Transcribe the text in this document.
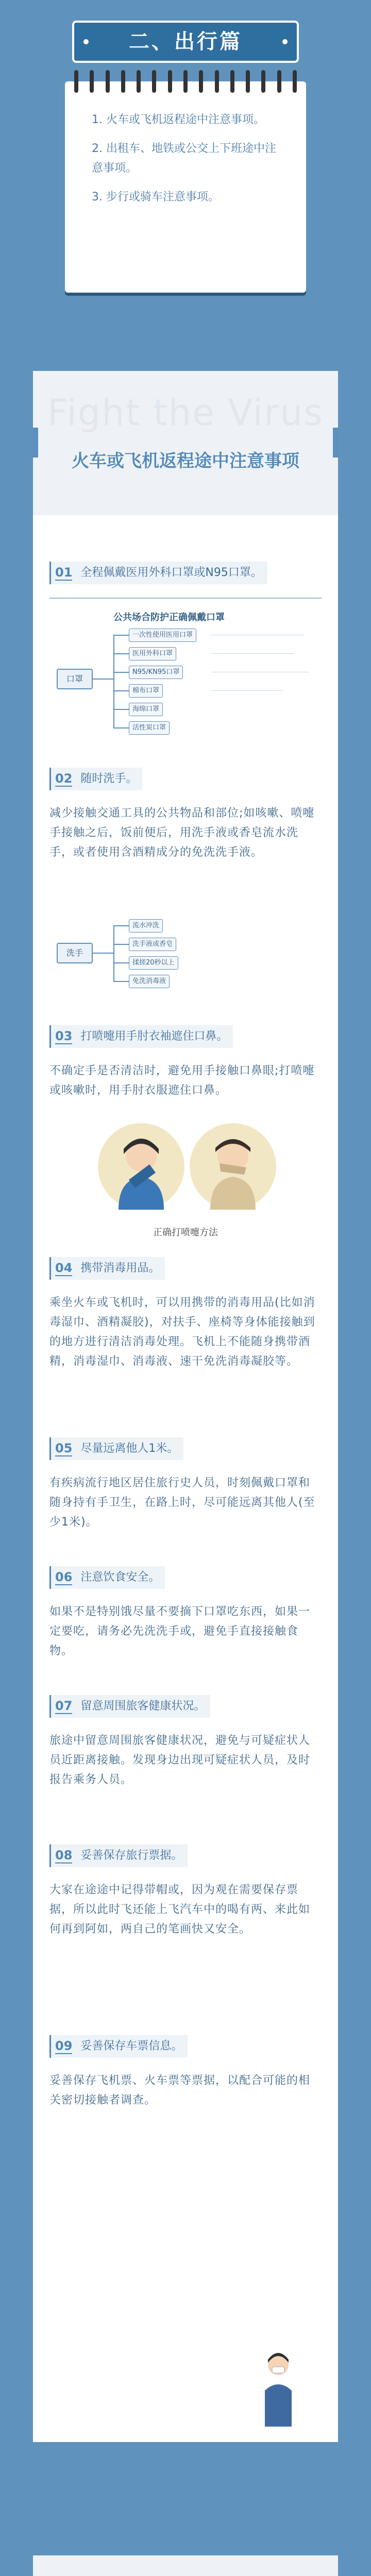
二、出行篇
1. 火车或飞机返程途中注意事项。
2. 出租车、地铁或公交上下班途中注意事项。
3. 步行或骑车注意事项。
Fight the Virus
火车或飞机返程途中注意事项
01 全程佩戴医用外科口罩或N95口罩。
公共场合防护正确佩戴口罩
口罩
一次性使用医用口罩
医用外科口罩
N95/KN95口罩
棉布口罩
海绵口罩
活性炭口罩
02 随时洗手。
减少接触交通工具的公共物品和部位;如咳嗽、喷嚏手接触之后，饭前便后，用洗手液或香皂流水洗手，或者使用含酒精成分的免洗洗手液。
洗手
流水冲洗
洗手液或香皂
揉搓20秒以上
免洗消毒液
03 打喷嚏用手肘衣袖遮住口鼻。
不确定手是否清洁时，避免用手接触口鼻眼;打喷嚏或咳嗽时，用手肘衣服遮住口鼻。
正确打喷嚏方法
04 携带消毒用品。
乘坐火车或飞机时，可以用携带的消毒用品(比如消毒湿巾、酒精凝胶)，对扶手、座椅等身体能接触到的地方进行清洁消毒处理。飞机上不能随身携带酒精，消毒湿巾、消毒液、速干免洗消毒凝胶等。
05 尽量远离他人1米。
有疾病流行地区居住旅行史人员，时刻佩戴口罩和随身持有手卫生，在路上时，尽可能远离其他人(至少1米)。
06 注意饮食安全。
如果不是特别饿尽量不要摘下口罩吃东西，如果一定要吃，请务必先洗洗手或，避免手直接接触食物。
07 留意周围旅客健康状况。
旅途中留意周围旅客健康状况，避免与可疑症状人员近距离接触。发现身边出现可疑症状人员，及时报告乘务人员。
08 妥善保存旅行票据。
大家在途途中记得带帽或，因为观在需要保存票据，所以此时飞还能上飞汽车中的喝有两、来此如何再到阿如，两自己的笔画快又安全。
09 妥善保存车票信息。
妥善保存飞机票、火车票等票据，以配合可能的相关密切接触者调查。
